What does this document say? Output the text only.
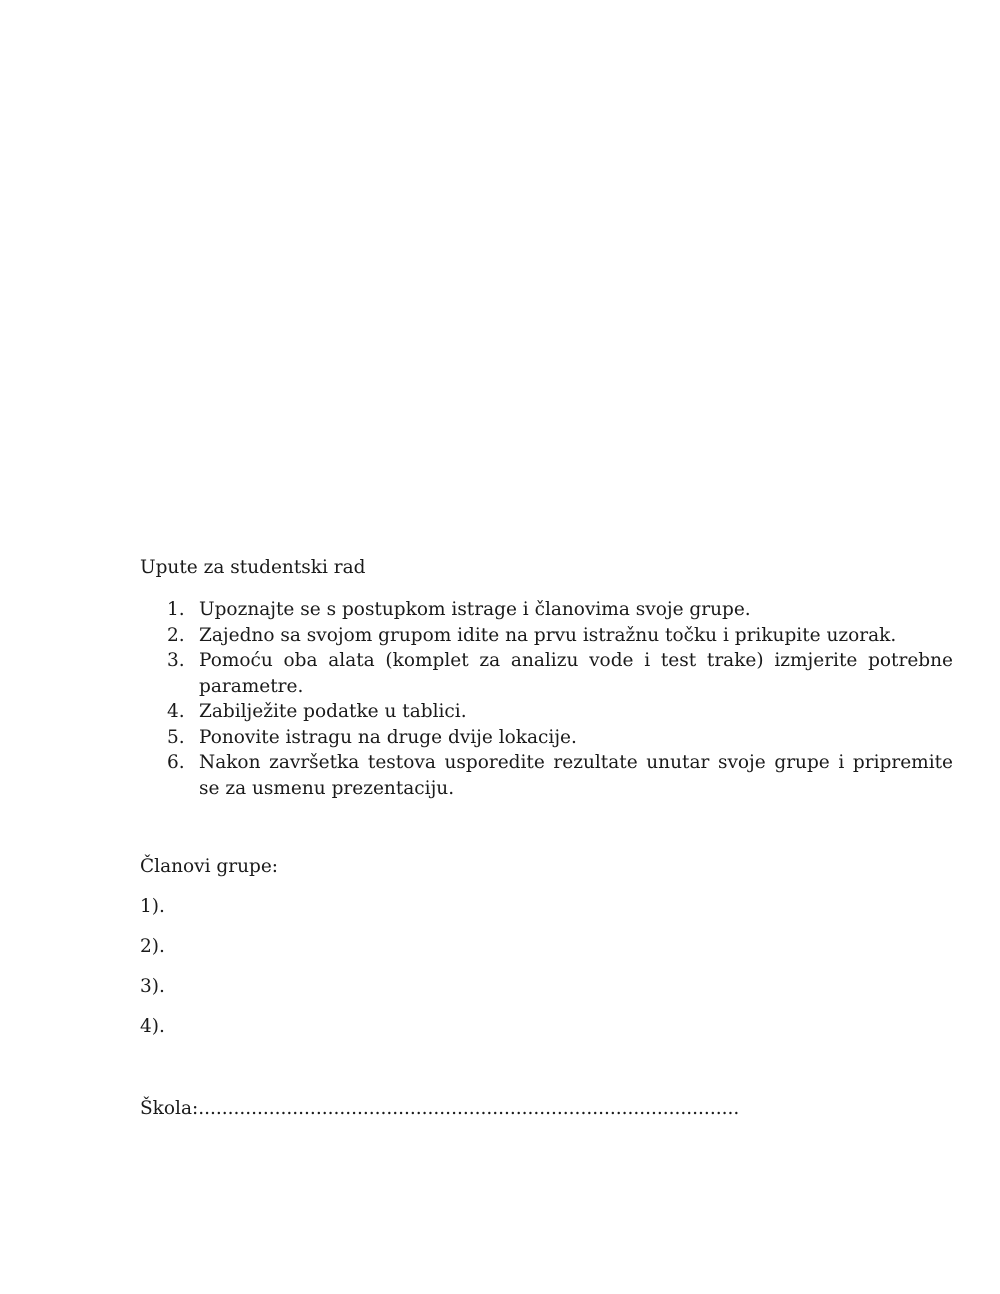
Upute za studentski rad

1. Upoznajte se s postupkom istrage i članovima svoje grupe.
2. Zajedno sa svojom grupom idite na prvu istražnu točku i prikupite uzorak.
3. Pomoću oba alata (komplet za analizu vode i test trake) izmjerite potrebne parametre.
4. Zabilježite podatke u tablici.
5. Ponovite istragu na druge dvije lokacije.
6. Nakon završetka testova usporedite rezultate unutar svoje grupe i pripremite se za usmenu prezentaciju.

Članovi grupe:

1).

2).

3).

4).

Škola:............................................................................................
